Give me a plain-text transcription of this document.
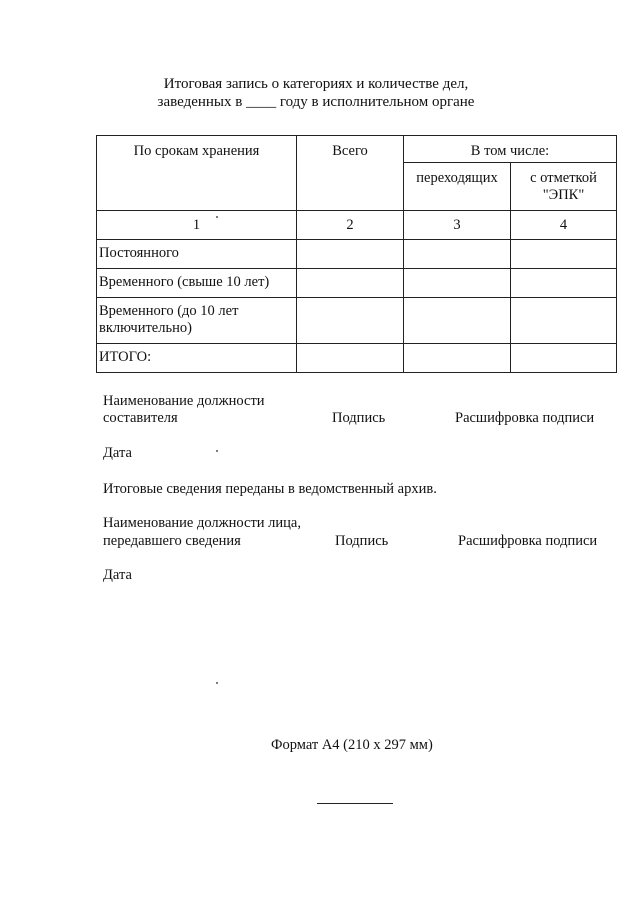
Итоговая запись о категориях и количестве дел,
заведенных в ____ году в исполнительном органе
По срокам хранения	Всего	В том числе:	
		переходящих	с отметкой
"ЭПК"
1	2	3	4
Постоянного			
Временного (свыше 10 лет)			
Временного (до 10 лет
включительно)			
ИТОГО:			
Наименование должности
составителя	Подпись	Расшифровка подписи
Дата
Итоговые сведения переданы в ведомственный архив.
Наименование должности лица,
передавшего сведения	Подпись	Расшифровка подписи
Дата
Формат А4 (210 х 297 мм)
